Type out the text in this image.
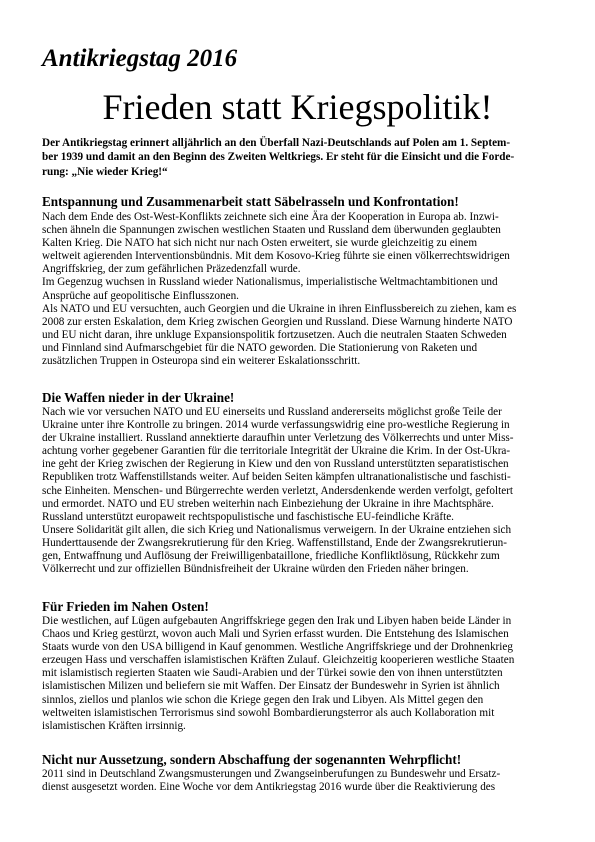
Antikriegstag 2016
Frieden statt Kriegspolitik!
Der Antikriegstag erinnert alljährlich an den Überfall Nazi-Deutschlands auf Polen am 1. Septem-
ber 1939 und damit an den Beginn des Zweiten Weltkriegs. Er steht für die Einsicht und die Forde-
rung: „Nie wieder Krieg!“
Entspannung und Zusammenarbeit statt Säbelrasseln und Konfrontation!
Nach dem Ende des Ost-West-Konflikts zeichnete sich eine Ära der Kooperation in Europa ab. Inzwi-
schen ähneln die Spannungen zwischen westlichen Staaten und Russland dem überwunden geglaubten
Kalten Krieg. Die NATO hat sich nicht nur nach Osten erweitert, sie wurde gleichzeitig zu einem
weltweit agierenden Interventionsbündnis. Mit dem Kosovo-Krieg führte sie einen völkerrechtswidrigen
Angriffskrieg, der zum gefährlichen Präzedenzfall wurde.
Im Gegenzug wuchsen in Russland wieder Nationalismus, imperialistische Weltmachtambitionen und
Ansprüche auf geopolitische Einflusszonen.
Als NATO und EU versuchten, auch Georgien und die Ukraine in ihren Einflussbereich zu ziehen, kam es
2008 zur ersten Eskalation, dem Krieg zwischen Georgien und Russland. Diese Warnung hinderte NATO
und EU nicht daran, ihre unkluge Expansionspolitik fortzusetzen. Auch die neutralen Staaten Schweden
und Finnland sind Aufmarschgebiet für die NATO geworden. Die Stationierung von Raketen und
zusätzlichen Truppen in Osteuropa sind ein weiterer Eskalationsschritt.
Die Waffen nieder in der Ukraine!
Nach wie vor versuchen NATO und EU einerseits und Russland andererseits möglichst große Teile der
Ukraine unter ihre Kontrolle zu bringen. 2014 wurde verfassungswidrig eine pro-westliche Regierung in
der Ukraine installiert. Russland annektierte daraufhin unter Verletzung des Völkerrechts und unter Miss-
achtung vorher gegebener Garantien für die territoriale Integrität der Ukraine die Krim. In der Ost-Ukra-
ine geht der Krieg zwischen der Regierung in Kiew und den von Russland unterstützten separatistischen
Republiken trotz Waffenstillstands weiter. Auf beiden Seiten kämpfen ultranationalistische und faschisti-
sche Einheiten. Menschen- und Bürgerrechte werden verletzt, Andersdenkende werden verfolgt, gefoltert
und ermordet. NATO und EU streben weiterhin nach Einbeziehung der Ukraine in ihre Machtsphäre.
Russland unterstützt europaweit rechtspopulistische und faschistische EU-feindliche Kräfte.
Unsere Solidarität gilt allen, die sich Krieg und Nationalismus verweigern. In der Ukraine entziehen sich
Hunderttausende der Zwangsrekrutierung für den Krieg. Waffenstillstand, Ende der Zwangsrekrutierun-
gen, Entwaffnung und Auflösung der Freiwilligenbataillone, friedliche Konfliktlösung, Rückkehr zum
Völkerrecht und zur offiziellen Bündnisfreiheit der Ukraine würden den Frieden näher bringen.
Für Frieden im Nahen Osten!
Die westlichen, auf Lügen aufgebauten Angriffskriege gegen den Irak und Libyen haben beide Länder in
Chaos und Krieg gestürzt, wovon auch Mali und Syrien erfasst wurden. Die Entstehung des Islamischen
Staats wurde von den USA billigend in Kauf genommen. Westliche Angriffskriege und der Drohnenkrieg
erzeugen Hass und verschaffen islamistischen Kräften Zulauf. Gleichzeitig kooperieren westliche Staaten
mit islamistisch regierten Staaten wie Saudi-Arabien und der Türkei sowie den von ihnen unterstützten
islamistischen Milizen und beliefern sie mit Waffen. Der Einsatz der Bundeswehr in Syrien ist ähnlich
sinnlos, ziellos und planlos wie schon die Kriege gegen den Irak und Libyen. Als Mittel gegen den
weltweiten islamistischen Terrorismus sind sowohl Bombardierungsterror als auch Kollaboration mit
islamistischen Kräften irrsinnig.
Nicht nur Aussetzung, sondern Abschaffung der sogenannten Wehrpflicht!
2011 sind in Deutschland Zwangsmusterungen und Zwangseinberufungen zu Bundeswehr und Ersatz-
dienst ausgesetzt worden. Eine Woche vor dem Antikriegstag 2016 wurde über die Reaktivierung des
